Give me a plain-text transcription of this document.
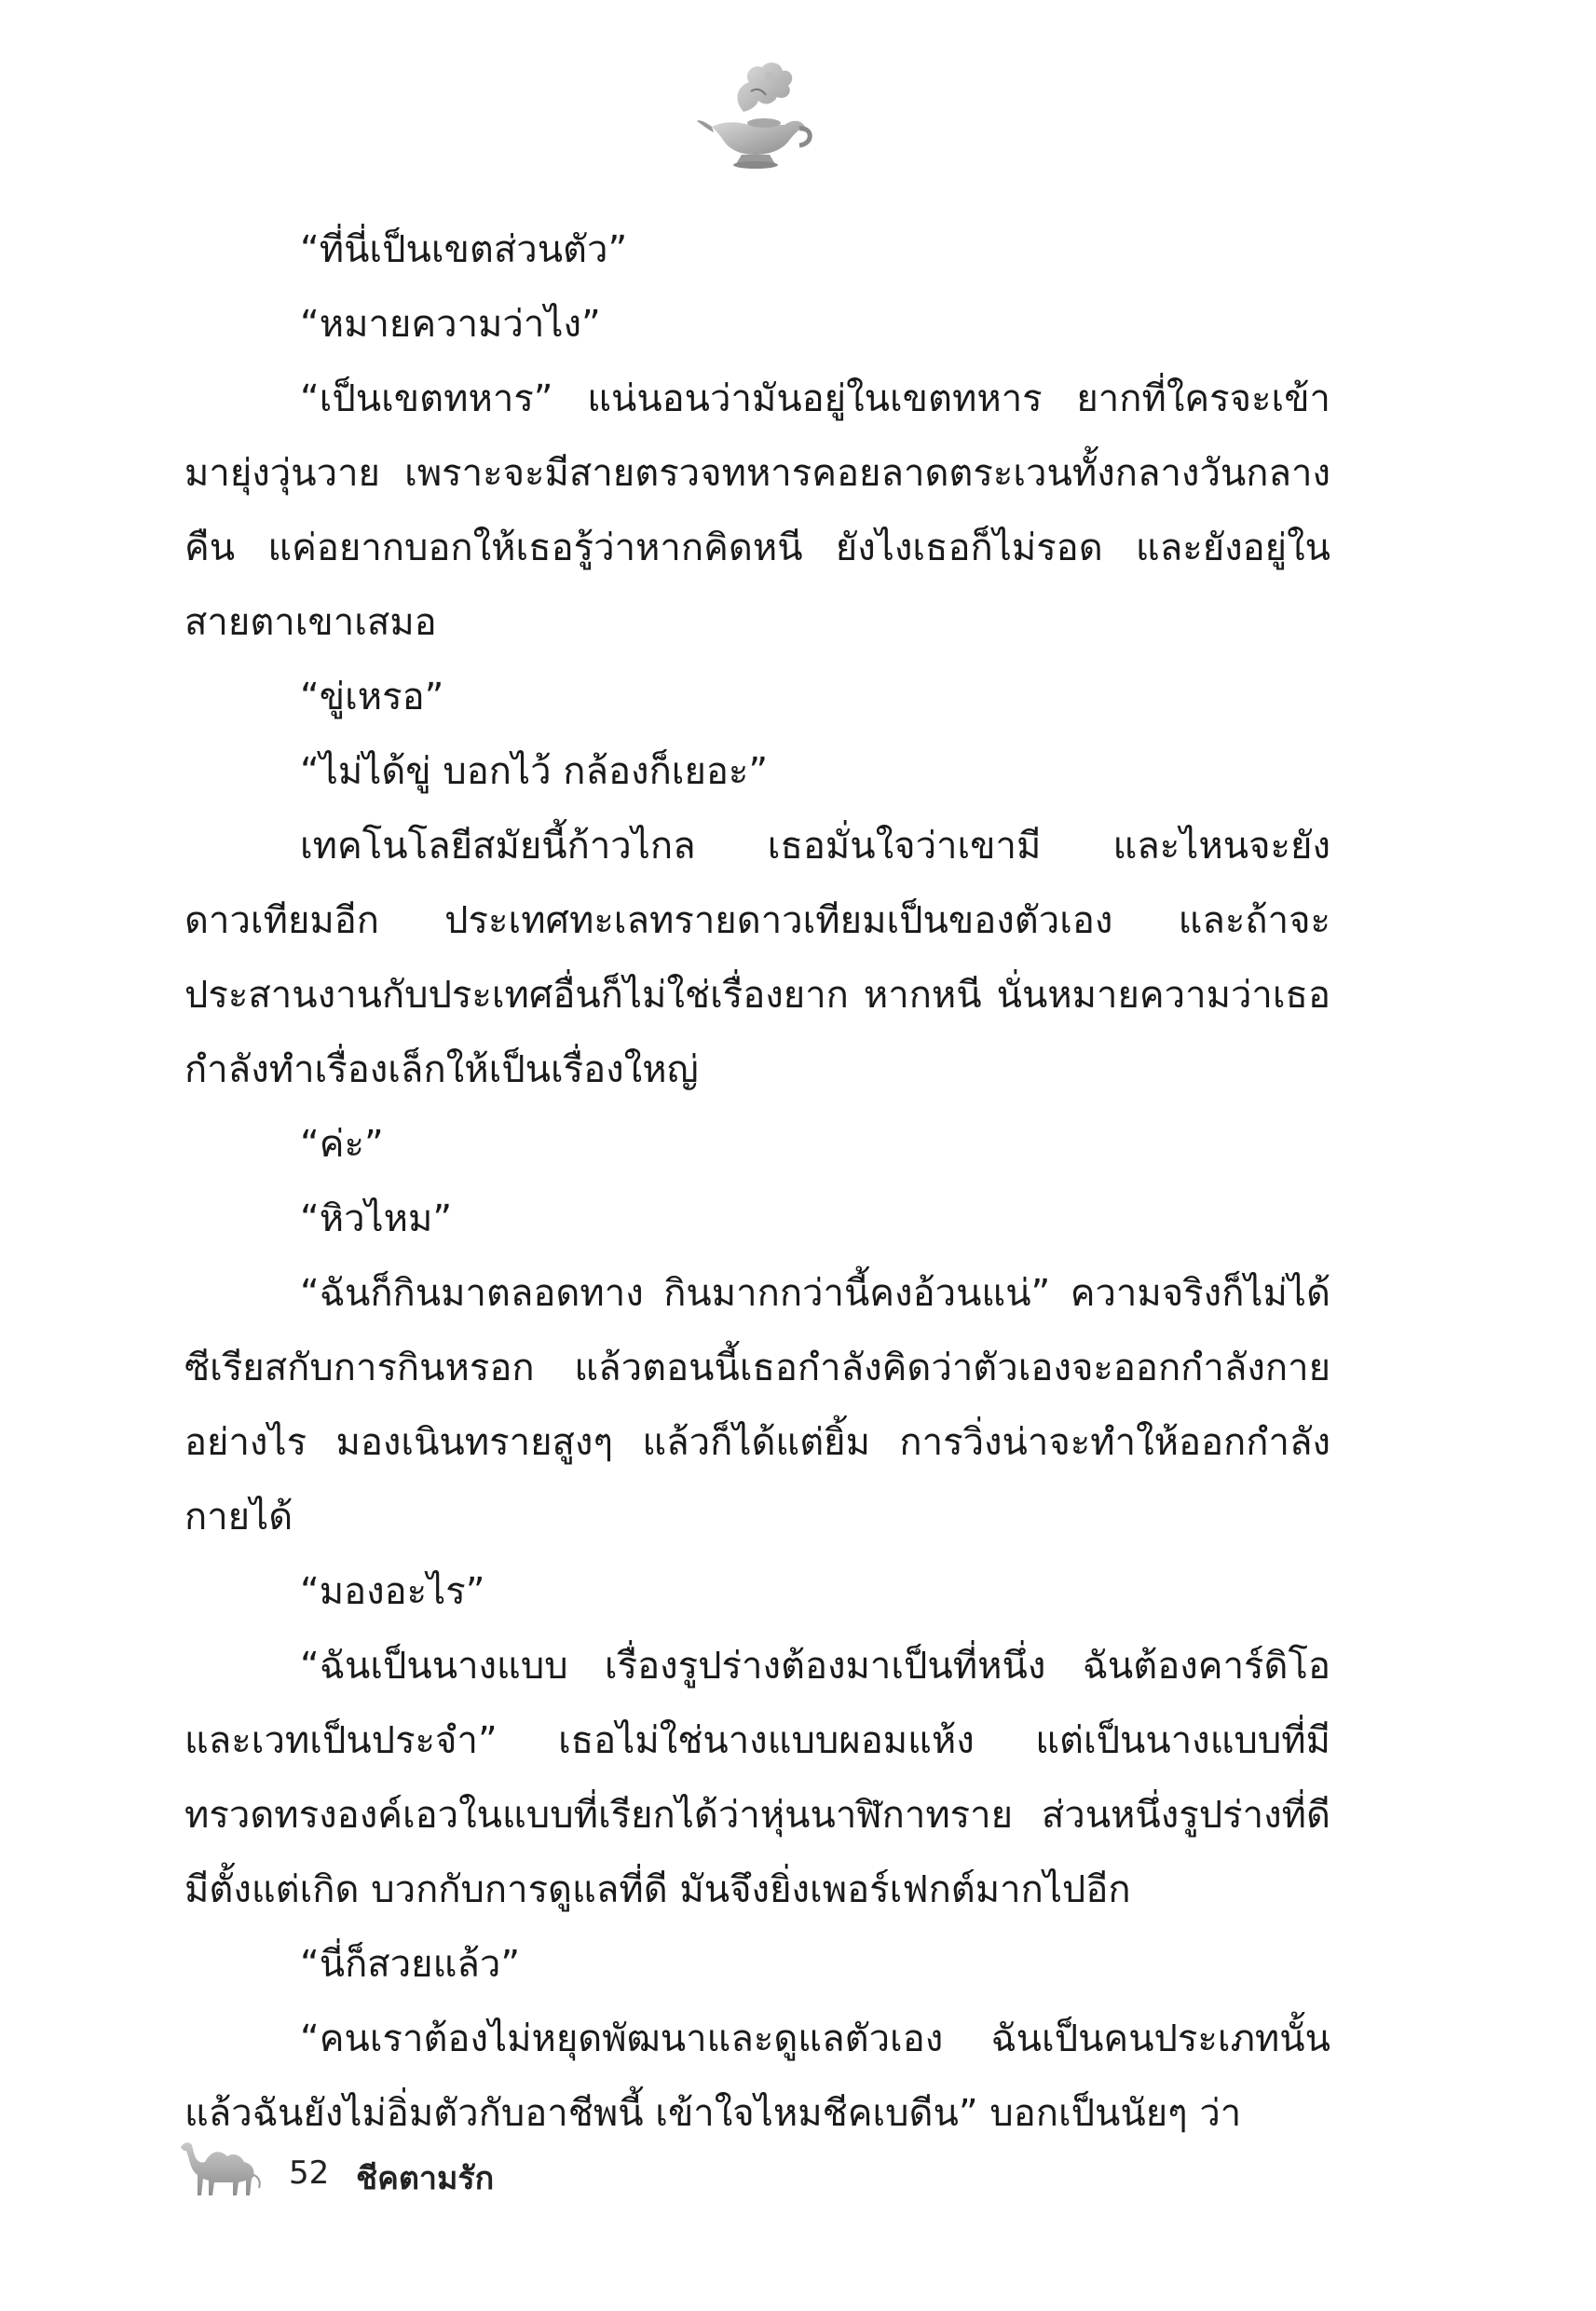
“ที่นี่เป็นเขตส่วนตัว”

“หมายความว่าไง”

“เป็นเขตทหาร” แน่นอนว่ามันอยู่ในเขตทหาร ยากที่ใครจะเข้ามายุ่งวุ่นวาย เพราะจะมีสายตรวจทหารคอยลาดตระเวนทั้งกลางวันกลางคืน แค่อยากบอกให้เธอรู้ว่าหากคิดหนี ยังไงเธอก็ไม่รอด และยังอยู่ในสายตาเขาเสมอ

“ขู่เหรอ”

“ไม่ได้ขู่ บอกไว้ กล้องก็เยอะ”

เทคโนโลยีสมัยนี้ก้าวไกล เธอมั่นใจว่าเขามี และไหนจะยังดาวเทียมอีก ประเทศทะเลทรายดาวเทียมเป็นของตัวเอง และถ้าจะประสานงานกับประเทศอื่นก็ไม่ใช่เรื่องยาก หากหนี นั่นหมายความว่าเธอกำลังทำเรื่องเล็กให้เป็นเรื่องใหญ่

“ค่ะ”

“หิวไหม”

“ฉันก็กินมาตลอดทาง กินมากกว่านี้คงอ้วนแน่” ความจริงก็ไม่ได้ซีเรียสกับการกินหรอก แล้วตอนนี้เธอกำลังคิดว่าตัวเองจะออกกำลังกายอย่างไร มองเนินทรายสูงๆ แล้วก็ได้แต่ยิ้ม การวิ่งน่าจะทำให้ออกกำลังกายได้

“มองอะไร”

“ฉันเป็นนางแบบ เรื่องรูปร่างต้องมาเป็นที่หนึ่ง ฉันต้องคาร์ดิโอและเวทเป็นประจำ” เธอไม่ใช่นางแบบผอมแห้ง แต่เป็นนางแบบที่มีทรวดทรงองค์เอวในแบบที่เรียกได้ว่าหุ่นนาฬิกาทราย ส่วนหนึ่งรูปร่างที่ดีมีตั้งแต่เกิด บวกกับการดูแลที่ดี มันจึงยิ่งเพอร์เฟกต์มากไปอีก

“นี่ก็สวยแล้ว”

“คนเราต้องไม่หยุดพัฒนาและดูแลตัวเอง ฉันเป็นคนประเภทนั้น แล้วฉันยังไม่อิ่มตัวกับอาชีพนี้ เข้าใจไหมชีคเบดีน” บอกเป็นนัยๆ ว่า

52 ชีคตามรัก
